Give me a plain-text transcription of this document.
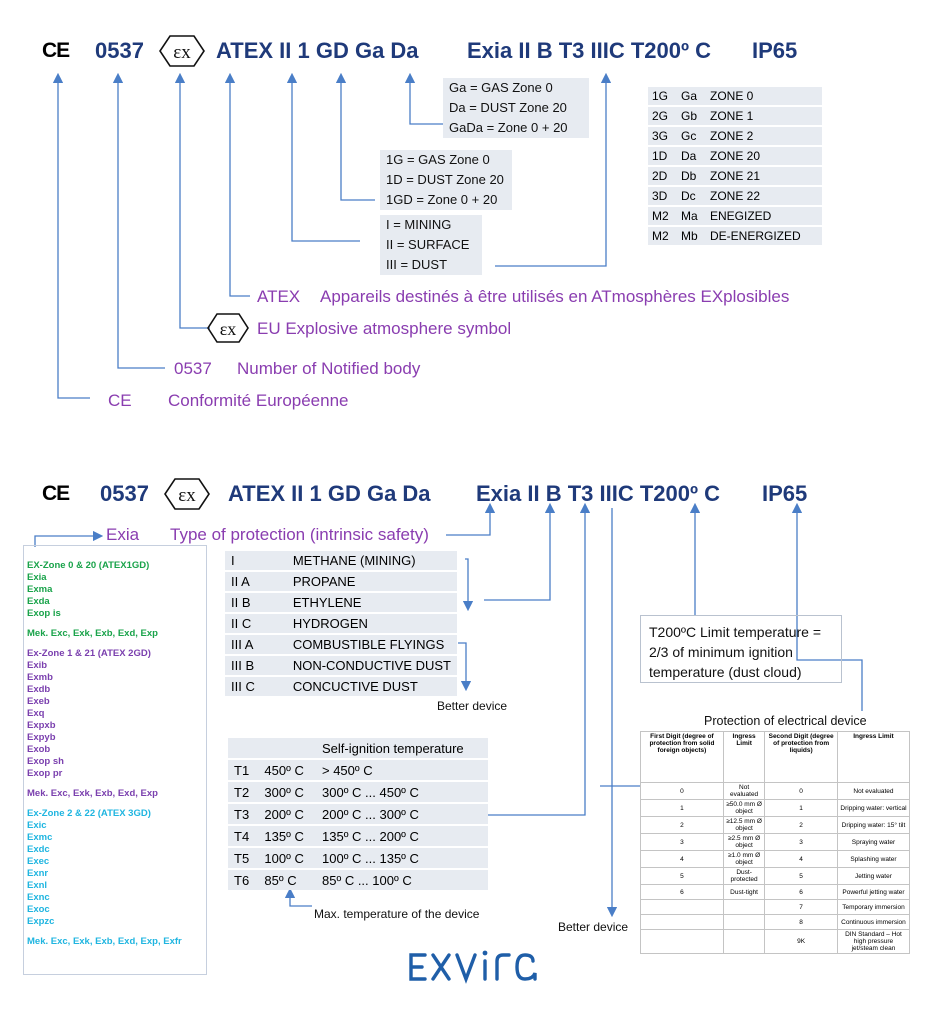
CE 0537 εx ATEX II 1 GD Ga Da Exia II B T3 IIIC T200º C IP65
Ga = GAS Zone 0
Da = DUST Zone 20
GaDa = Zone 0 + 20
1G = GAS Zone 0
1D = DUST Zone 20
1GD = Zone 0 + 20
I = MINING
II = SURFACE
III = DUST
1G	Ga	ZONE 0
2G	Gb	ZONE 1
3G	Gc	ZONE 2
1D	Da	ZONE 20
2D	Db	ZONE 21
3D	Dc	ZONE 22
M2	Ma	ENEGIZED
M2	Mb	DE-ENERGIZED
ATEX Appareils destinés à être utilisés en ATmosphères EXplosibles
εx EU Explosive atmosphere symbol
0537 Number of Notified body
CE Conformité Européenne
CE 0537 εx ATEX II 1 GD Ga Da Exia II B T3 IIIC T200º C IP65
Exia Type of protection (intrinsic safety)
EX-Zone 0 & 20 (ATEX1GD)
Exia
Exma
Exda
Exop is
Mek. Exc, Exk, Exb, Exd, Exp
Ex-Zone 1 & 21 (ATEX 2GD)
Exib
Exmb
Exdb
Exeb
Exq
Expxb
Expyb
Exob
Exop sh
Exop pr
Mek. Exc, Exk, Exb, Exd, Exp
Ex-Zone 2 & 22 (ATEX 3GD)
Exic
Exmc
Exdc
Exec
Exnr
Exnl
Exnc
Exoc
Expzc
Mek. Exc, Exk, Exb, Exd, Exp, Exfr
I	METHANE (MINING)
II A	PROPANE
II B	ETHYLENE
II C	HYDROGEN
III A	COMBUSTIBLE FLYINGS
III B	NON-CONDUCTIVE DUST
III C	CONCUCTIVE DUST
Better device
		Self-ignition temperature
T1	450º C	> 450º C
T2	300º C	300º C ... 450º C
T3	200º C	200º C ... 300º C
T4	135º C	135º C ... 200º C
T5	100º C	100º C ... 135º C
T6	85º C	85º C ... 100º C
Max. temperature of the device
T200ºC Limit temperature = 2/3 of minimum ignition temperature (dust cloud)
Protection of electrical device
First Digit (degree of protection from solid foreign objects)	Ingress Limit	Second Digit (degree of protection from liquids)	Ingress Limit
0	Not evaluated	0	Not evaluated
1	≥50.0 mm Ø object	1	Dripping water: vertical
2	≥12.5 mm Ø object	2	Dripping water: 15° tilt
3	≥2.5 mm Ø object	3	Spraying water
4	≥1.0 mm Ø object	4	Splashing water
5	Dust-protected	5	Jetting water
6	Dust-tight	6	Powerful jetting water
		7	Temporary immersion
		8	Continuous immersion
		9K	DIN Standard – Hot high pressure jet/steam clean
Better device
